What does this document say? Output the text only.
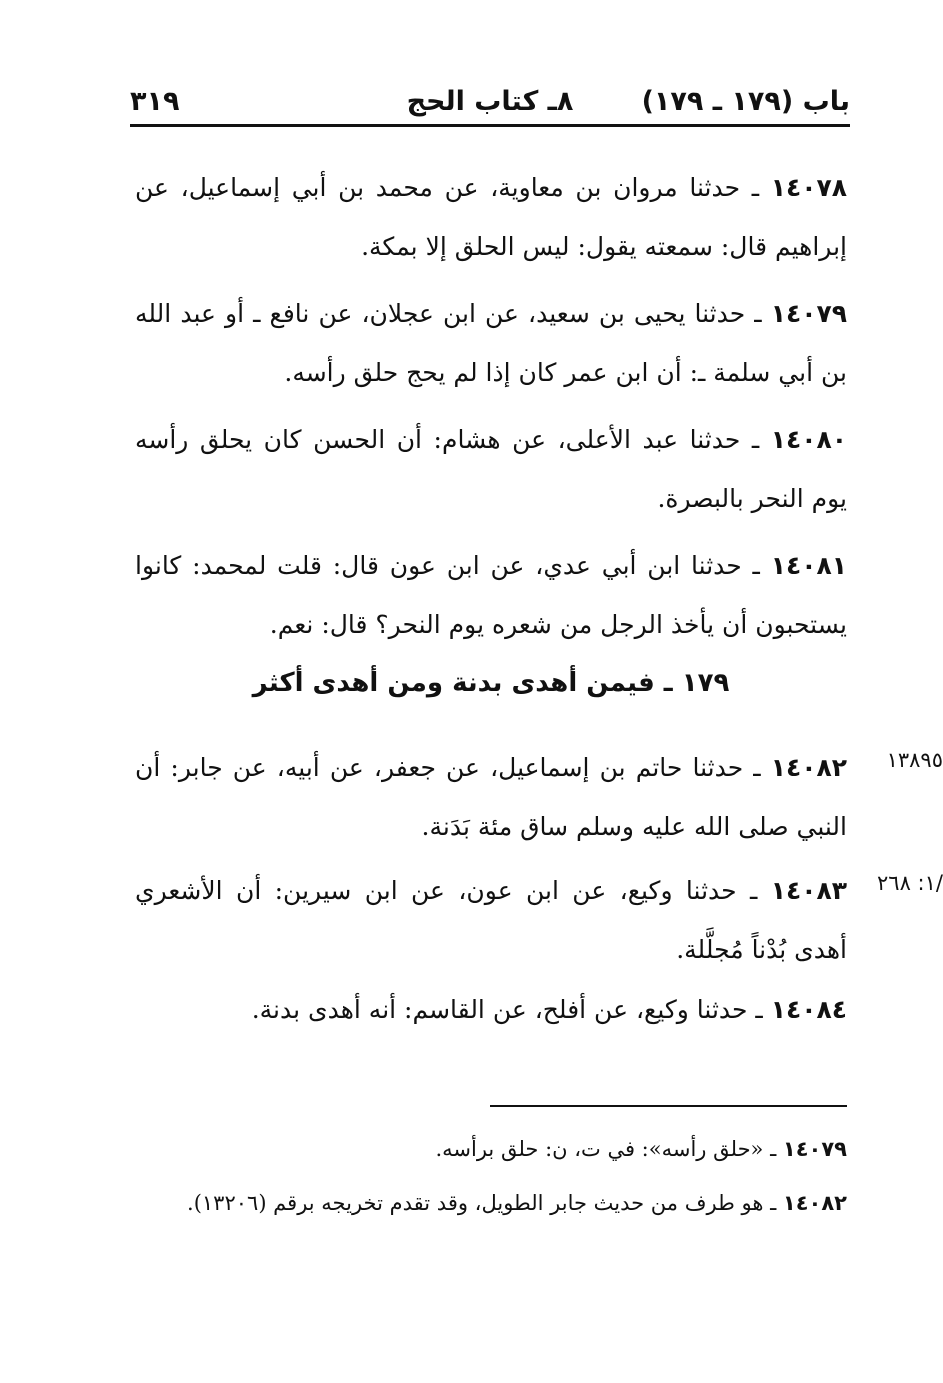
باب (١٧٩ ـ ١٧٩)
٨ـ كتاب الحج
٣١٩
١٤٠٧٨ ـ حدثنا مروان بن معاوية، عن محمد بن أبي إسماعيل، عن إبراهيم قال: سمعته يقول: ليس الحلق إلا بمكة.
١٤٠٧٩ ـ حدثنا يحيى بن سعيد، عن ابن عجلان، عن نافع ـ أو عبد الله بن أبي سلمة ـ: أن ابن عمر كان إذا لم يحج حلق رأسه.
١٤٠٨٠ ـ حدثنا عبد الأعلى، عن هشام: أن الحسن كان يحلق رأسه يوم النحر بالبصرة.
١٤٠٨١ ـ حدثنا ابن أبي عدي، عن ابن عون قال: قلت لمحمد: كانوا يستحبون أن يأخذ الرجل من شعره يوم النحر؟ قال: نعم.
١٧٩ ـ فيمن أهدى بدنة ومن أهدى أكثر
١٣٨٩٥
١٤٠٨٢ ـ حدثنا حاتم بن إسماعيل، عن جعفر، عن أبيه، عن جابر: أن النبي صلى الله عليه وسلم ساق مئة بَدَنة.
/١: ٢٦٨
١٤٠٨٣ ـ حدثنا وكيع، عن ابن عون، عن ابن سيرين: أن الأشعري أهدى بُدْناً مُجلَّلة.
١٤٠٨٤ ـ حدثنا وكيع، عن أفلح، عن القاسم: أنه أهدى بدنة.
١٤٠٧٩ ـ «حلق رأسه»: في ت، ن: حلق برأسه.
١٤٠٨٢ ـ هو طرف من حديث جابر الطويل، وقد تقدم تخريجه برقم (١٣٢٠٦).
